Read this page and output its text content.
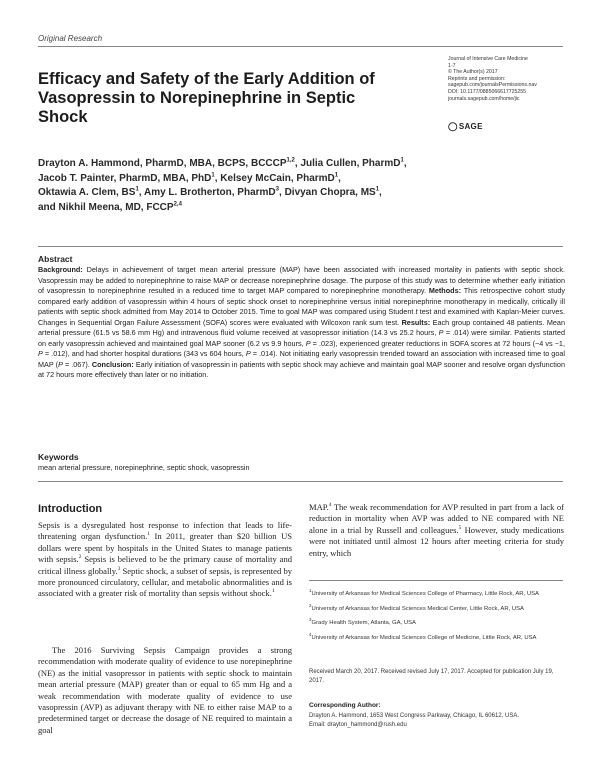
Original Research
Efficacy and Safety of the Early Addition of Vasopressin to Norepinephrine in Septic Shock
Journal of Intensive Care Medicine
1-7
© The Author(s) 2017
Reprints and permission:
sagepub.com/journalsPermissions.nav
DOI: 10.1177/0885066617725255
journals.sagepub.com/home/jic
◯ SAGE
Drayton A. Hammond, PharmD, MBA, BCPS, BCCCP$^{1,2}$, Julia Cullen, PharmD$^1$,
Jacob T. Painter, PharmD, MBA, PhD$^1$, Kelsey McCain, PharmD$^1$,
Oktawia A. Clem, $BS^1$, Amy L. Brotherton, PharmD$^3$, Divyan Chopra, $MS^1$,
and Nikhil Meena, MD, FCCP$^{2,4}$
Abstract
Background: Delays in achievement of target mean arterial pressure (MAP) have been associated with increased mortality in patients with septic shock. Vasopressin may be added to norepinephrine to raise MAP or decrease norepinephrine dosage. The purpose of this study was to determine whether early initiation of vasopressin to norepinephrine resulted in a reduced time to target MAP compared to norepinephrine monotherapy. Methods: This retrospective cohort study compared early addition of vasopressin within 4 hours of septic shock onset to norepinephrine versus initial norepinephrine monotherapy in medically, critically ill patients with septic shock admitted from May 2014 to October 2015. Time to goal MAP was compared using Student t test and examined with Kaplan-Meier curves. Changes in Sequential Organ Failure Assessment (SOFA) scores were evaluated with Wilcoxon rank sum test. Results: Each group contained 48 patients. Mean arterial pressure (61.5 vs 58.6 mm Hg) and intravenous fluid volume received at vasopressor initiation (14.3 vs 25.2 hours, P = .014) were similar. Patients started on early vasopressin achieved and maintained goal MAP sooner (6.2 vs 9.9 hours, P = .023), experienced greater reductions in SOFA scores at 72 hours (−4 vs −1, P = .012), and had shorter hospital durations (343 vs 604 hours, P = .014). Not initiating early vasopressin trended toward an association with increased time to goal MAP (P = .067). Conclusion: Early initiation of vasopressin in patients with septic shock may achieve and maintain goal MAP sooner and resolve organ dysfunction at 72 hours more effectively than later or no initiation.
Keywords
mean arterial pressure, norepinephrine, septic shock, vasopressin
Introduction
Sepsis is a dysregulated host response to infection that leads to life-threatening organ dysfunction.$^1$ In 2011, greater than $20 billion US dollars were spent by hospitals in the United States to manage patients with sepsis.$^2$ Sepsis is believed to be the primary cause of mortality and critical illness globally.$^3$ Septic shock, a subset of sepsis, is represented by more pronounced circulatory, cellular, and metabolic abnormalities and is associated with a greater risk of mortality than sepsis without shock.$^1$
The 2016 Surviving Sepsis Campaign provides a strong recommendation with moderate quality of evidence to use norepinephrine (NE) as the initial vasopressor in patients with septic shock to maintain mean arterial pressure (MAP) greater than or equal to 65 mm Hg and a weak recommendation with moderate quality of evidence to use vasopressin (AVP) as adjuvant therapy with NE to either raise MAP to a predetermined target or decrease the dosage of NE required to maintain a goal
MAP.$^4$ The weak recommendation for AVP resulted in part from a lack of reduction in mortality when AVP was added to NE compared with NE alone in a trial by Russell and colleagues.$^5$ However, study medications were not initiated until almost 12 hours after meeting criteria for study entry, which
$^1$University of Arkansas for Medical Sciences College of Pharmacy, Little Rock, AR, USA
$^2$University of Arkansas for Medical Sciences Medical Center, Little Rock, AR, USA
$^3$Grady Health System, Atlanta, GA, USA
$^4$University of Arkansas for Medical Sciences College of Medicine, Little Rock, AR, USA
Received March 20, 2017. Received revised July 17, 2017. Accepted for publication July 19, 2017.
Corresponding Author:
Drayton A. Hammond, 1653 West Congress Parkway, Chicago, IL 60612, USA.
Email: drayton_hammond@rush.edu
